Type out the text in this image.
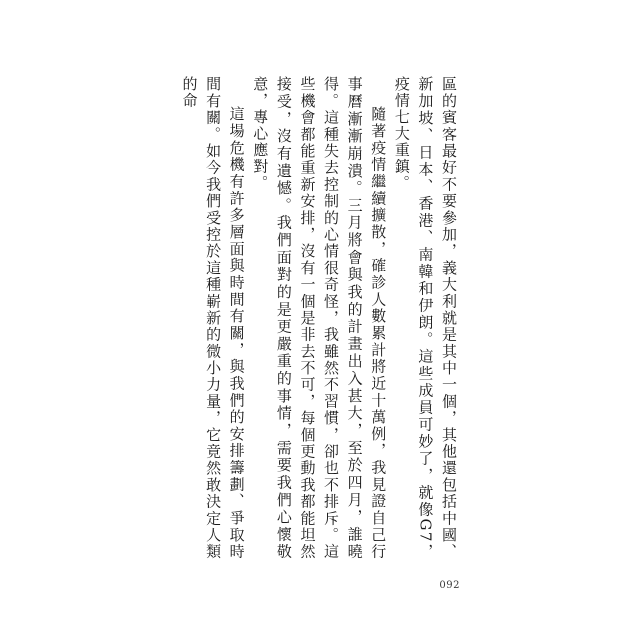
區的賓客最好不要參加，義大利就是其中一個，其他還包括中國、新加坡、日本、香港、南韓和伊朗。這些成員可妙了，就像G7，疫情七大重鎮。

隨著疫情繼續擴散，確診人數累計將近十萬例，我見證自己行事曆漸漸崩潰。三月將會與我的計畫出入甚大，至於四月，誰曉得。這種失去控制的心情很奇怪，我雖然不習慣，卻也不排斥。這些機會都能重新安排，沒有一個是非去不可，每個更動我都能坦然接受，沒有遺憾。我們面對的是更嚴重的事情，需要我們心懷敬意，專心應對。

這場危機有許多層面與時間有關，與我們的安排籌劃、爭取時間有關。如今我們受控於這種嶄新的微小力量，它竟然敢決定人類的命

092
